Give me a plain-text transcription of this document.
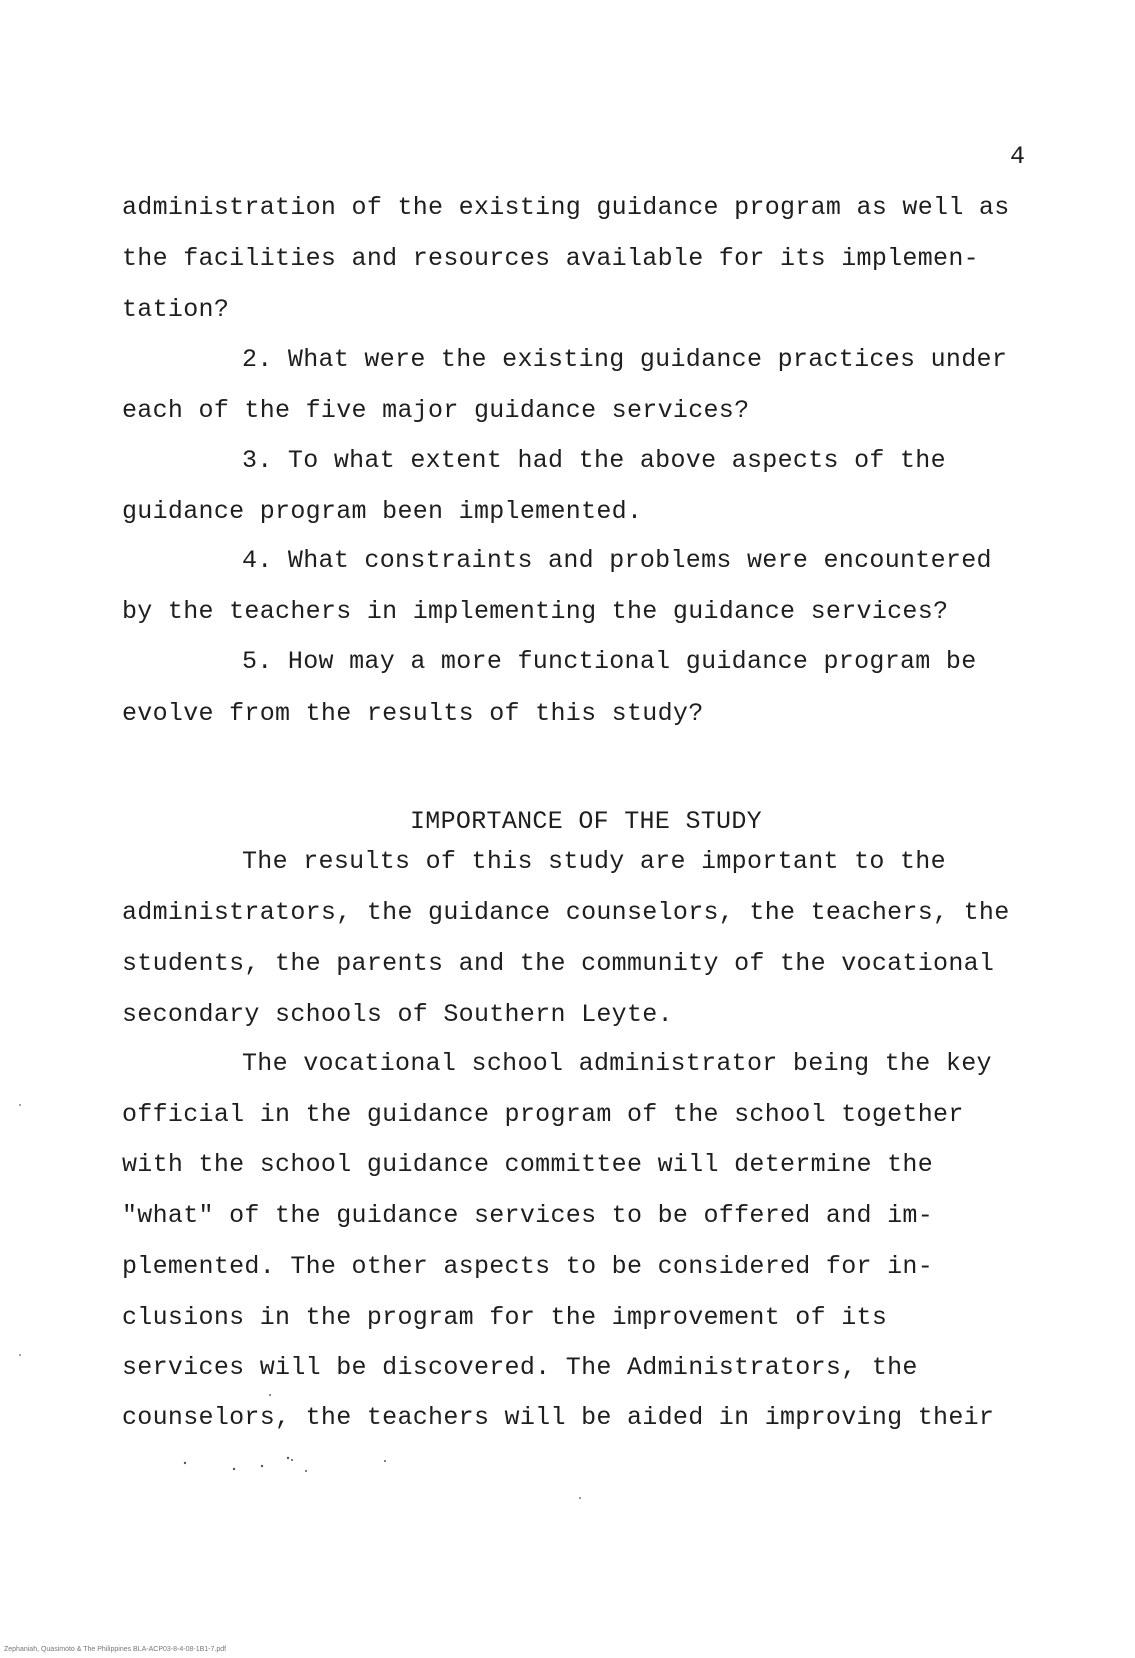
4
administration of the existing guidance program as well as
the facilities and resources available for its implemen-
tation?
2. What were the existing guidance practices under
each of the five major guidance services?
3. To what extent had the above aspects of the
guidance program been implemented.
4. What constraints and problems were encountered
by the teachers in implementing the guidance services?
5. How may a more functional guidance program be
evolve from the results of this study?
IMPORTANCE OF THE STUDY
The results of this study are important to the
administrators, the guidance counselors, the teachers, the
students, the parents and the community of the vocational
secondary schools of Southern Leyte.
The vocational school administrator being the key
official in the guidance program of the school together
with the school guidance committee will determine the
"what" of the guidance services to be offered and im-
plemented. The other aspects to be considered for in-
clusions in the program for the improvement of its
services will be discovered. The Administrators, the
counselors, the teachers will be aided in improving their
Zephaniah, Quasimoto & The Philippines BLA-ACP03-8-4-08-1B1-7.pdf
